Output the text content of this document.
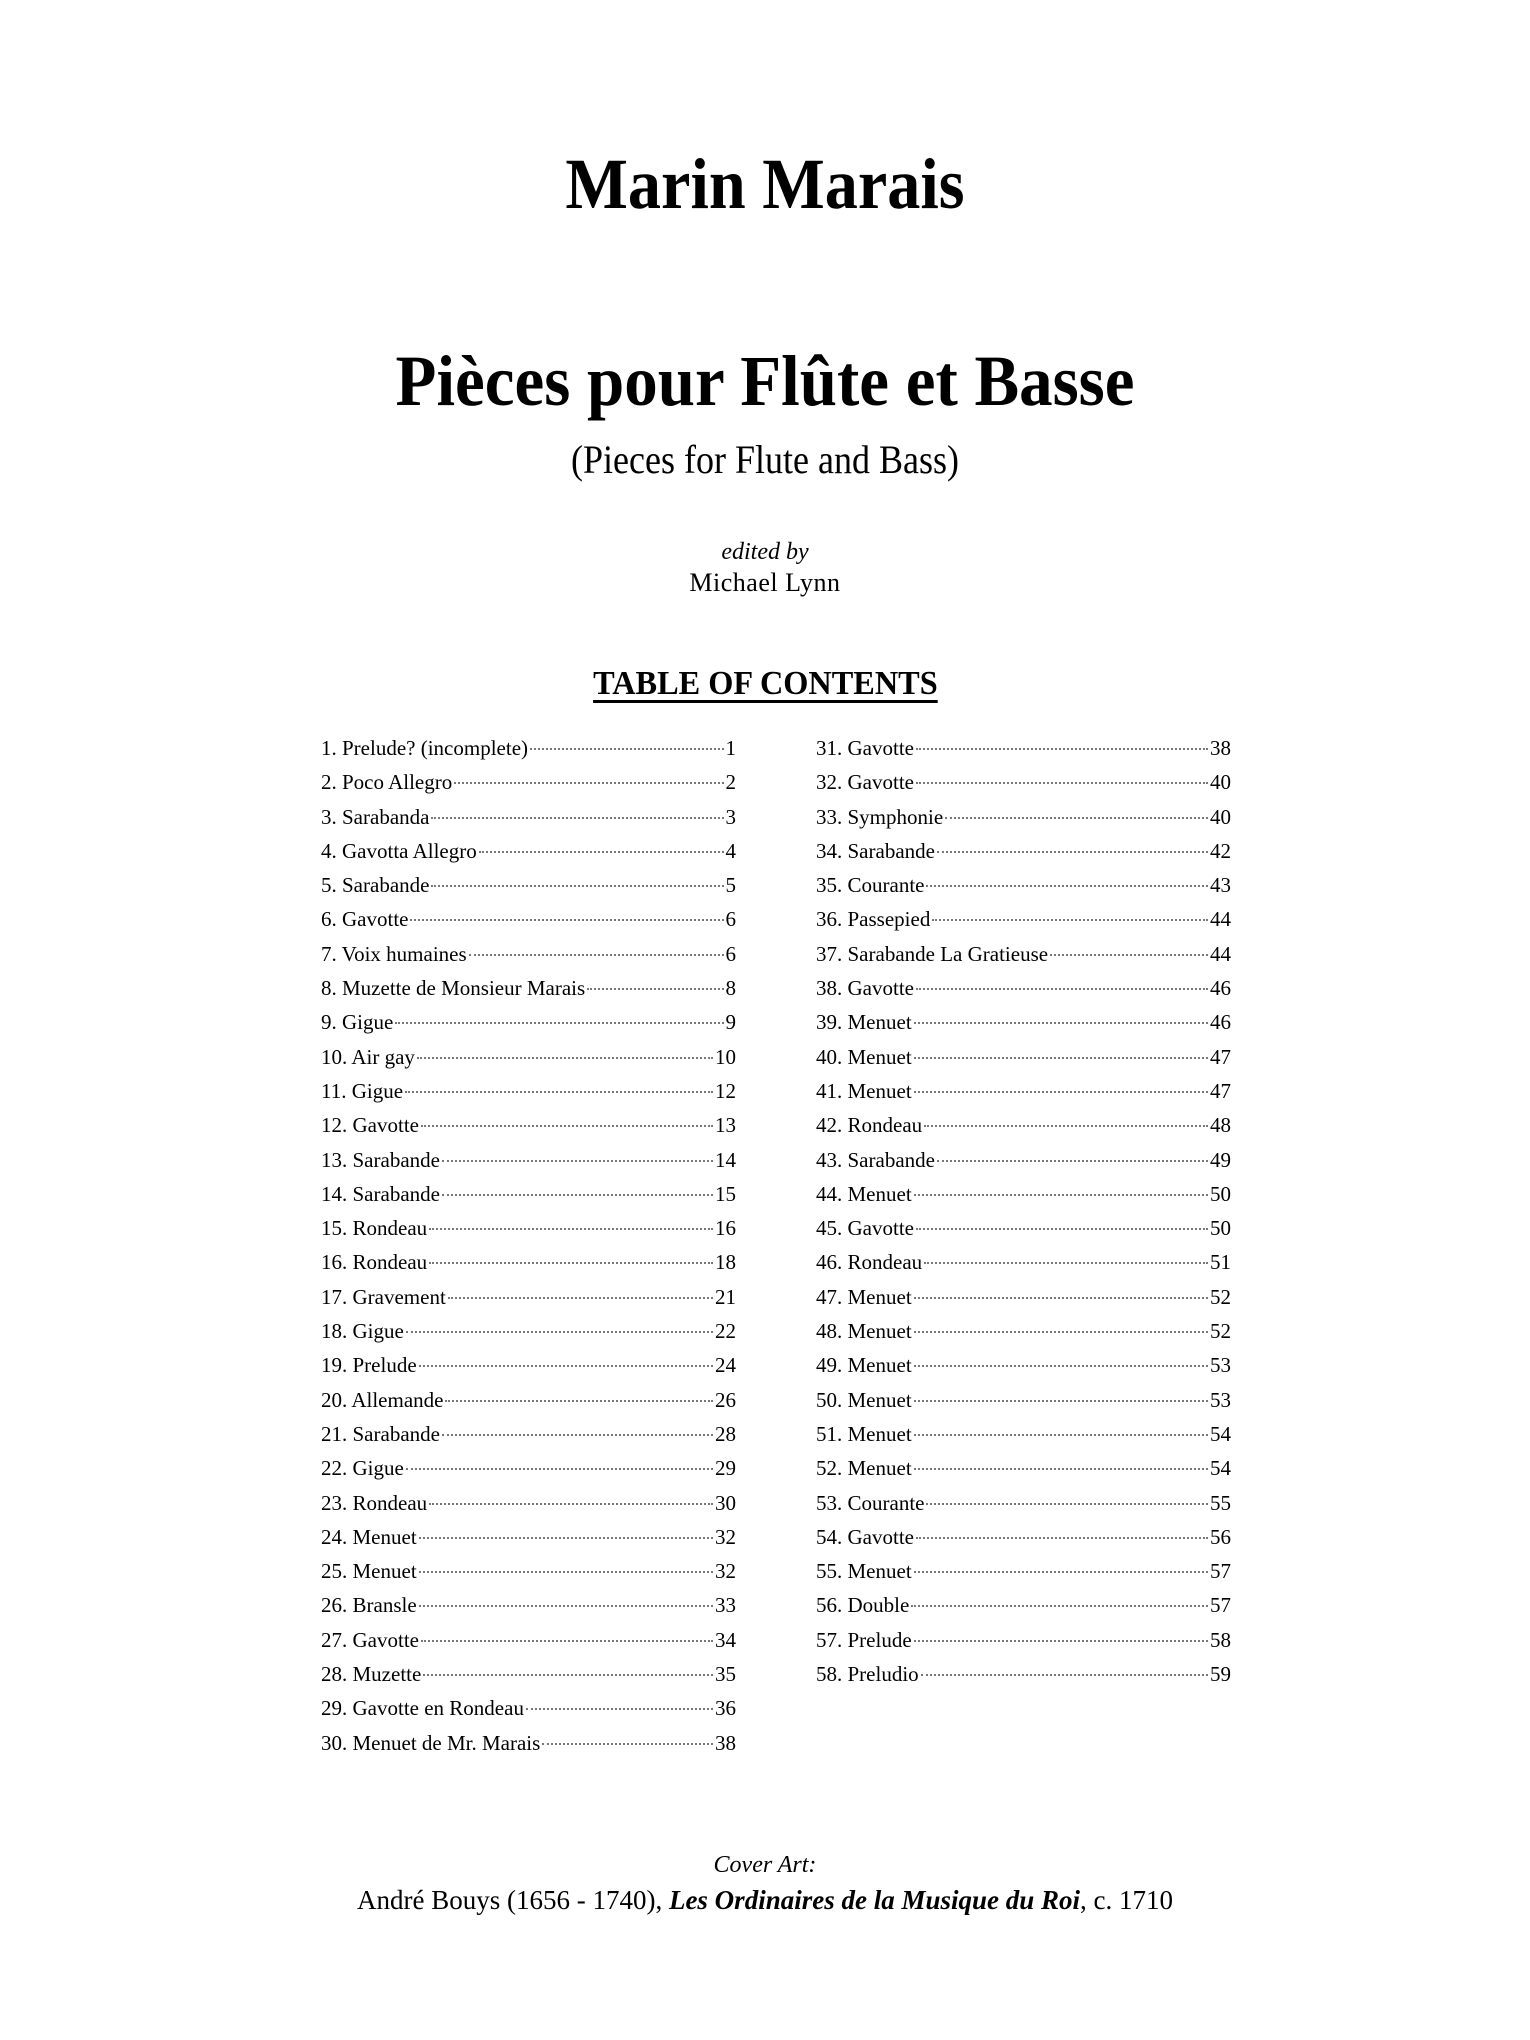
Marin Marais
Pièces pour Flûte et Basse
(Pieces for Flute and Bass)
edited by
Michael Lynn
TABLE OF CONTENTS
1. Prelude? (incomplete)	1
2. Poco Allegro	2
3. Sarabanda	3
4. Gavotta Allegro	4
5. Sarabande	5
6. Gavotte	6
7. Voix humaines	6
8. Muzette de Monsieur Marais	8
9. Gigue	9
10. Air gay	10
11. Gigue	12
12. Gavotte	13
13. Sarabande	14
14. Sarabande	15
15. Rondeau	16
16. Rondeau	18
17. Gravement	21
18. Gigue	22
19. Prelude	24
20. Allemande	26
21. Sarabande	28
22. Gigue	29
23. Rondeau	30
24. Menuet	32
25. Menuet	32
26. Bransle	33
27. Gavotte	34
28. Muzette	35
29. Gavotte en Rondeau	36
30. Menuet de Mr. Marais	38
31. Gavotte	38
32. Gavotte	40
33. Symphonie	40
34. Sarabande	42
35. Courante	43
36. Passepied	44
37. Sarabande La Gratieuse	44
38. Gavotte	46
39. Menuet	46
40. Menuet	47
41. Menuet	47
42. Rondeau	48
43. Sarabande	49
44. Menuet	50
45. Gavotte	50
46. Rondeau	51
47. Menuet	52
48. Menuet	52
49. Menuet	53
50. Menuet	53
51. Menuet	54
52. Menuet	54
53. Courante	55
54. Gavotte	56
55. Menuet	57
56. Double	57
57. Prelude	58
58. Preludio	59
Cover Art:
André Bouys (1656 - 1740), Les Ordinaires de la Musique du Roi, c. 1710
